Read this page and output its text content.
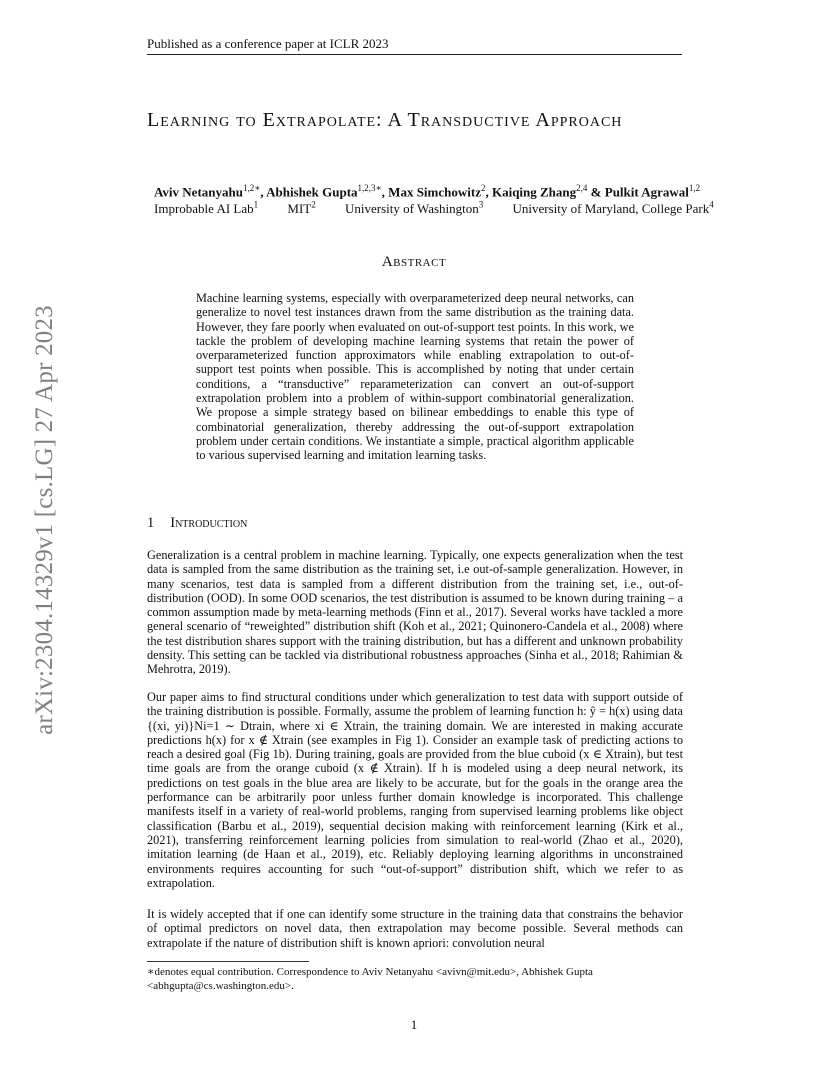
Published as a conference paper at ICLR 2023
arXiv:2304.14329v1 [cs.LG] 27 Apr 2023
Learning to Extrapolate: A Transductive Approach
Aviv Netanyahu$^{1,2∗}$, Abhishek Gupta$^{1,2,3∗}$, Max Simchowitz$^2$, Kaiqing Zhang$^{2,4}$ & Pulkit Agrawal$^{1,2}$
Improbable AI Lab$^1$ MIT$^2$ University of Washington$^3$ University of Maryland, College Park$^4$
Abstract
Machine learning systems, especially with overparameterized deep neural networks, can generalize to novel test instances drawn from the same distribution as the training data. However, they fare poorly when evaluated on out-of-support test points. In this work, we tackle the problem of developing machine learning systems that retain the power of overparameterized function approximators while enabling extrapolation to out-of-support test points when possible. This is accomplished by noting that under certain conditions, a “transductive” reparameterization can convert an out-of-support extrapolation problem into a problem of within-support combinatorial generalization. We propose a simple strategy based on bilinear embeddings to enable this type of combinatorial generalization, thereby addressing the out-of-support extrapolation problem under certain conditions. We instantiate a simple, practical algorithm applicable to various supervised learning and imitation learning tasks.
1 Introduction
Generalization is a central problem in machine learning. Typically, one expects generalization when the test data is sampled from the same distribution as the training set, i.e out-of-sample generalization. However, in many scenarios, test data is sampled from a different distribution from the training set, i.e., out-of-distribution (OOD). In some OOD scenarios, the test distribution is assumed to be known during training – a common assumption made by meta-learning methods (Finn et al., 2017). Several works have tackled a more general scenario of “reweighted” distribution shift (Koh et al., 2021; Quinonero-Candela et al., 2008) where the test distribution shares support with the training distribution, but has a different and unknown probability density. This setting can be tackled via distributional robustness approaches (Sinha et al., 2018; Rahimian & Mehrotra, 2019).
Our paper aims to find structural conditions under which generalization to test data with support outside of the training distribution is possible. Formally, assume the problem of learning function h: ŷ = h(x) using data {(xi, yi)}Ni=1 ∼ Dtrain, where xi ∈ Xtrain, the training domain. We are interested in making accurate predictions h(x) for x ∉ Xtrain (see examples in Fig 1). Consider an example task of predicting actions to reach a desired goal (Fig 1b). During training, goals are provided from the blue cuboid (x ∈ Xtrain), but test time goals are from the orange cuboid (x ∉ Xtrain). If h is modeled using a deep neural network, its predictions on test goals in the blue area are likely to be accurate, but for the goals in the orange area the performance can be arbitrarily poor unless further domain knowledge is incorporated. This challenge manifests itself in a variety of real-world problems, ranging from supervised learning problems like object classification (Barbu et al., 2019), sequential decision making with reinforcement learning (Kirk et al., 2021), transferring reinforcement learning policies from simulation to real-world (Zhao et al., 2020), imitation learning (de Haan et al., 2019), etc. Reliably deploying learning algorithms in unconstrained environments requires accounting for such “out-of-support” distribution shift, which we refer to as extrapolation.
It is widely accepted that if one can identify some structure in the training data that constrains the behavior of optimal predictors on novel data, then extrapolation may become possible. Several methods can extrapolate if the nature of distribution shift is known apriori: convolution neural
∗denotes equal contribution. Correspondence to Aviv Netanyahu <avivn@mit.edu>, Abhishek Gupta <abhgupta@cs.washington.edu>.
1
